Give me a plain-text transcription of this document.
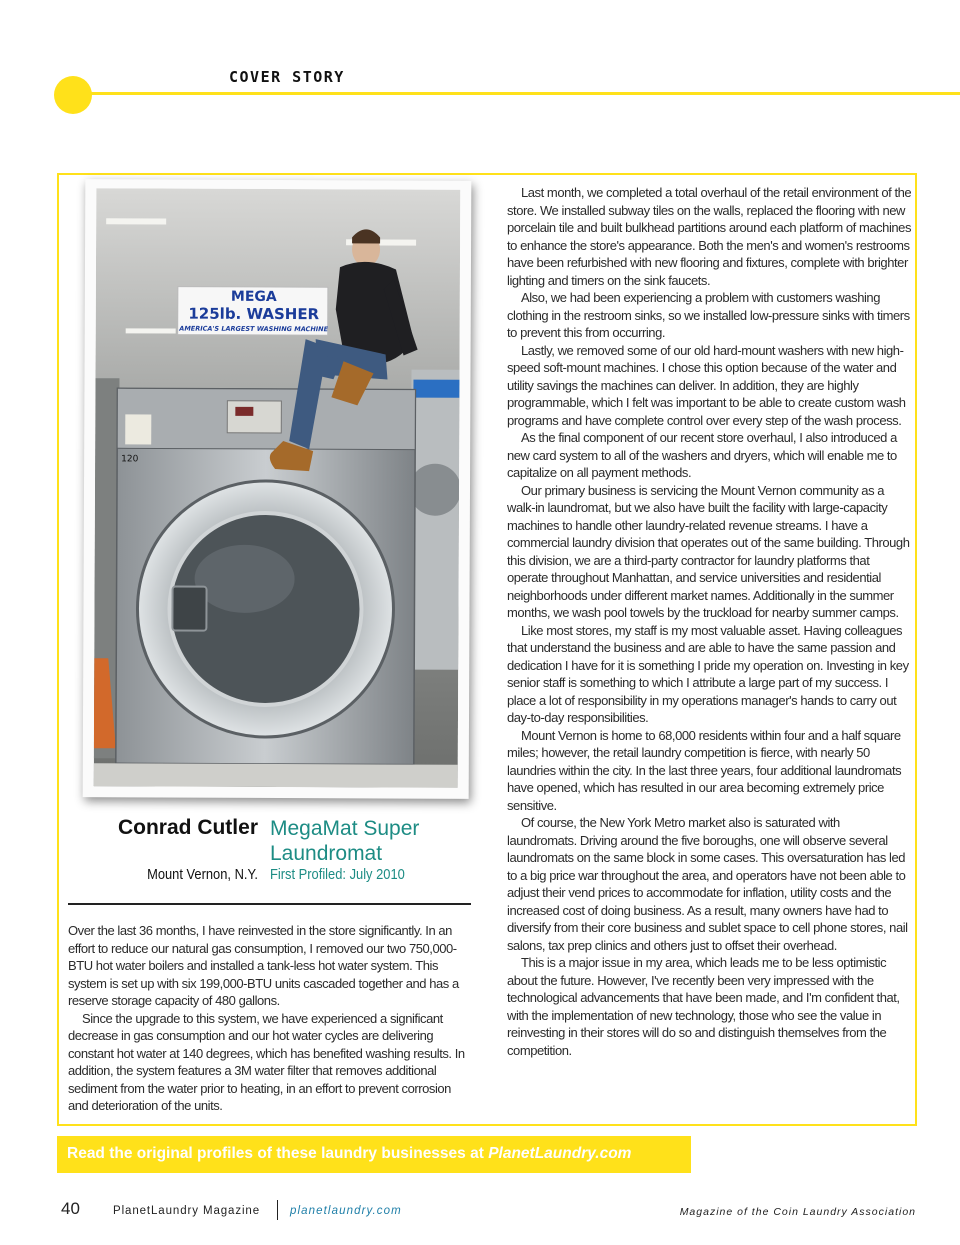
COVER STORY
MEGA
125lb. WASHER
AMERICA'S LARGEST WASHING MACHINE
120
Conrad Cutler
Mount Vernon, N.Y.
MegaMat Super Laundromat
First Profiled: July 2010

Over the last 36 months, I have reinvested in the store significantly. In an effort to reduce our natural gas consumption, I removed our two 750,000-BTU hot water boilers and installed a tank-less hot water system. This system is set up with six 199,000-BTU units cascaded together and has a reserve storage capacity of 480 gallons.

Since the upgrade to this system, we have experienced a significant decrease in gas consumption and our hot water cycles are delivering constant hot water at 140 degrees, which has benefited washing results. In addition, the system features a 3M water filter that removes additional sediment from the water prior to heating, in an effort to prevent corrosion and deterioration of the units.

Last month, we completed a total overhaul of the retail environment of the store. We installed subway tiles on the walls, replaced the flooring with new porcelain tile and built bulkhead partitions around each platform of machines to enhance the store's appearance. Both the men's and women's restrooms have been refurbished with new flooring and fixtures, complete with brighter lighting and timers on the sink faucets.

Also, we had been experiencing a problem with customers washing clothing in the restroom sinks, so we installed low-pressure sinks with timers to prevent this from occurring.

Lastly, we removed some of our old hard-mount washers with new high-speed soft-mount machines. I chose this option because of the water and utility savings the machines can deliver. In addition, they are highly programmable, which I felt was important to be able to create custom wash programs and have complete control over every step of the wash process.

As the final component of our recent store overhaul, I also introduced a new card system to all of the washers and dryers, which will enable me to capitalize on all payment methods.

Our primary business is servicing the Mount Vernon community as a walk-in laundromat, but we also have built the facility with large-capacity machines to handle other laundry-related revenue streams. I have a commercial laundry division that operates out of the same building. Through this division, we are a third-party contractor for laundry platforms that operate throughout Manhattan, and service universities and residential neighborhoods under different market names. Additionally in the summer months, we wash pool towels by the truckload for nearby summer camps.

Like most stores, my staff is my most valuable asset. Having colleagues that understand the business and are able to have the same passion and dedication I have for it is something I pride my operation on. Investing in key senior staff is something to which I attribute a large part of my success. I place a lot of responsibility in my operations manager's hands to carry out day-to-day responsibilities.

Mount Vernon is home to 68,000 residents within four and a half square miles; however, the retail laundry competition is fierce, with nearly 50 laundries within the city. In the last three years, four additional laundromats have opened, which has resulted in our area becoming extremely price sensitive.

Of course, the New York Metro market also is saturated with laundromats. Driving around the five boroughs, one will observe several laundromats on the same block in some cases. This oversaturation has led to a big price war throughout the area, and operators have not been able to adjust their vend prices to accommodate for inflation, utility costs and the increased cost of doing business. As a result, many owners have had to diversify from their core business and sublet space to cell phone stores, nail salons, tax prep clinics and others just to offset their overhead.

This is a major issue in my area, which leads me to be less optimistic about the future. However, I've recently been very impressed with the technological advancements that have been made, and I'm confident that, with the implementation of new technology, those who see the value in reinvesting in their stores will do so and distinguish themselves from the competition.

Read the original profiles of these laundry businesses at PlanetLaundry.com
40	PlanetLaundry Magazine	planetlaundry.com	Magazine of the Coin Laundry Association
